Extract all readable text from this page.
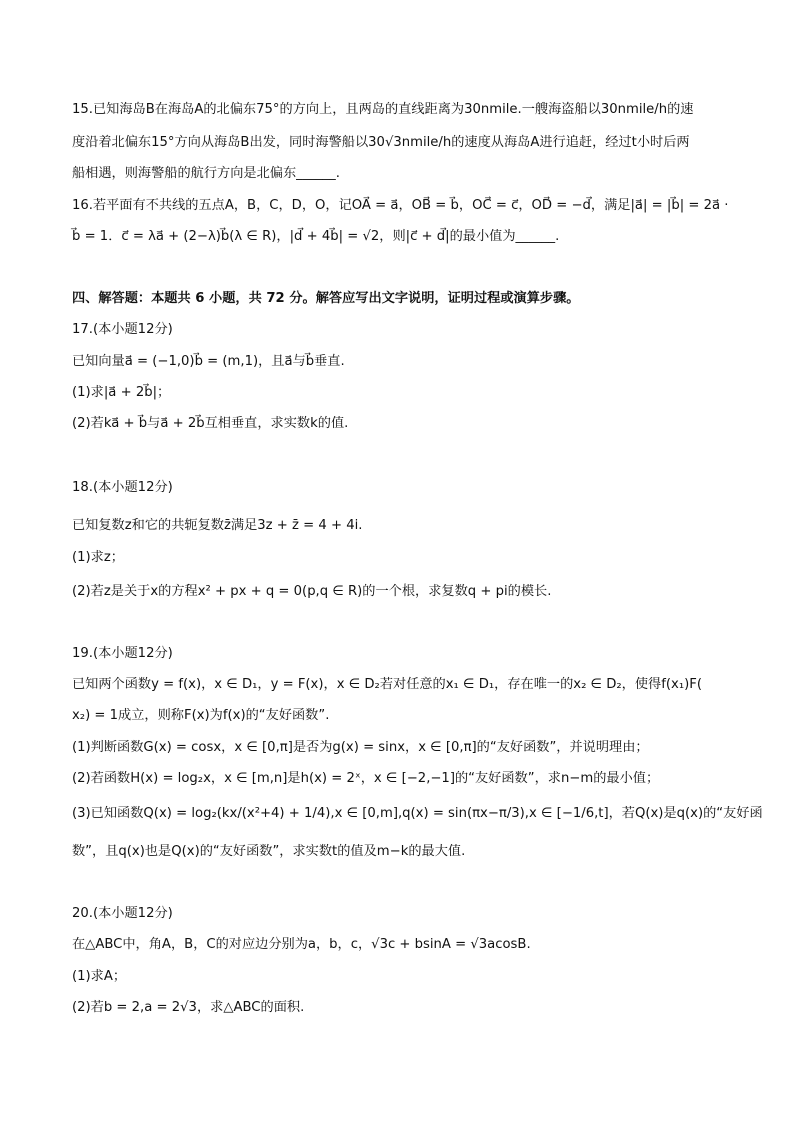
15.已知海岛B在海岛A的北偏东75°的方向上，且两岛的直线距离为30nmile.一艘海盗船以30nmile/h的速
度沿着北偏东15°方向从海岛B出发，同时海警船以30√3nmile/h的速度从海岛A进行追赶，经过t小时后两
船相遇，则海警船的航行方向是北偏东______.
16.若平面有不共线的五点A，B，C，D，O，记OA⃗ = a⃗，OB⃗ = b⃗，OC⃗ = c⃗，OD⃗ = −d⃗，满足|a⃗| = |b⃗| = 2a⃗ ·
b⃗ = 1．c⃗ = λa⃗ + (2−λ)b⃗(λ ∈ R)，|d⃗ + 4b⃗| = √2，则|c⃗ + d⃗|的最小值为______.
四、解答题：本题共 6 小题，共 72 分。解答应写出文字说明，证明过程或演算步骤。
17.(本小题12分)
已知向量a⃗ = (−1,0)b⃗ = (m,1)，且a⃗与b⃗垂直.
(1)求|a⃗ + 2b⃗|；
(2)若ka⃗ + b⃗与a⃗ + 2b⃗互相垂直，求实数k的值.
18.(本小题12分)
已知复数z和它的共轭复数z̄满足3z + z̄ = 4 + 4i.
(1)求z；
(2)若z是关于x的方程x² + px + q = 0(p,q ∈ R)的一个根，求复数q + pi的模长.
19.(本小题12分)
已知两个函数y = f(x)，x ∈ D₁，y = F(x)，x ∈ D₂若对任意的x₁ ∈ D₁，存在唯一的x₂ ∈ D₂，使得f(x₁)F(
x₂) = 1成立，则称F(x)为f(x)的“友好函数”.
(1)判断函数G(x) = cosx，x ∈ [0,π]是否为g(x) = sinx，x ∈ [0,π]的“友好函数”，并说明理由；
(2)若函数H(x) = log₂x，x ∈ [m,n]是h(x) = 2ˣ，x ∈ [−2,−1]的“友好函数”，求n−m的最小值；
(3)已知函数Q(x) = log₂(kx/(x²+4) + 1/4),x ∈ [0,m],q(x) = sin(πx−π/3),x ∈ [−1/6,t]，若Q(x)是q(x)的“友好函
数”，且q(x)也是Q(x)的“友好函数”，求实数t的值及m−k的最大值.
20.(本小题12分)
在△ABC中，角A，B，C的对应边分别为a，b，c，√3c + bsinA = √3acosB.
(1)求A；
(2)若b = 2,a = 2√3，求△ABC的面积.
